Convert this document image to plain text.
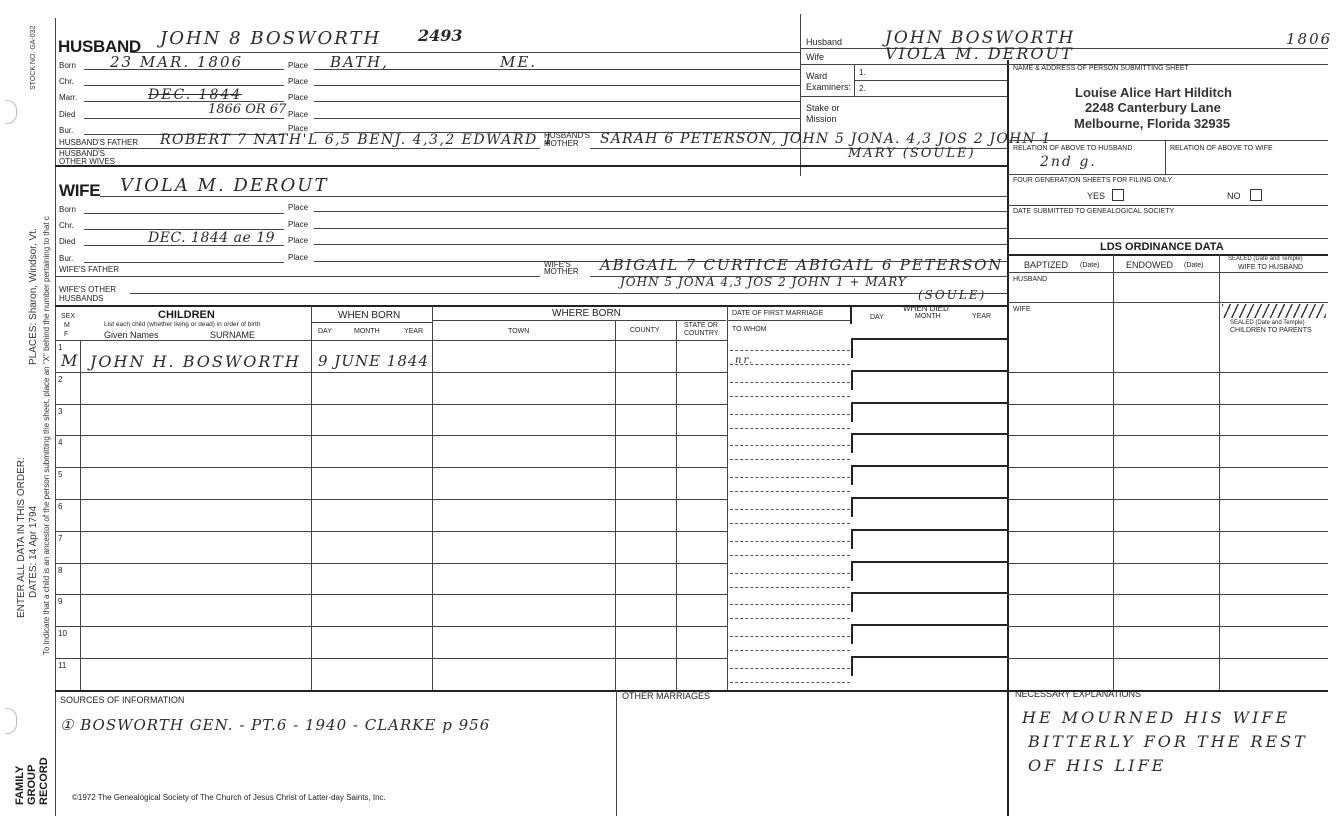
STOCK NO. GA-032
PLACES: Sharon, Windsor, Vt. To indicate that a child is an ancestor of the person submitting the sheet, place an "X" behind the number pertaining to that c
ENTER ALL DATA IN THIS ORDER: DATES: 14 Apr 1794
FAMILY GROUP RECORD
HUSBAND JOHN 8 BOSWORTH 2493
Born 23 MAR. 1806	Place BATH,	ME.
Chr.	Place
Marr.	DEC. 1844	Place
Died	1866 OR 67 Place
Bur.	Place
HUSBAND'S FATHER ROBERT 7 NATH'L 6,5 BENJ. 4,3,2 EDWARD 1
HUSBAND'S
MOTHER SARAH 6 PETERSON, JOHN 5 JONA. 4,3 JOS 2 JOHN 1
MARY (SOULE)
HUSBAND'S
OTHER WIVES
WIFE VIOLA M. DEROUT
Born	Place
Chr.	Place
Died	DEC. 1844 ae 19 Place
Bur.	Place
WIFE'S FATHER
WIFE'S
MOTHER ABIGAIL 7 CURTICE ABIGAIL 6 PETERSON
JOHN 5 JONA 4,3 JOS 2 JOHN 1 + MARY
(SOULE)
WIFE'S OTHER
HUSBANDS
Husband	JOHN BOSWORTH	1806
Wife	VIOLA M. DEROUT
Ward
Examiners:
1.
2.
Stake or
Mission
NAME & ADDRESS OF PERSON SUBMITTING SHEET
Louise Alice Hart Hilditch
2248 Canterbury Lane
Melbourne, Florida 32935
RELATION OF ABOVE TO HUSBAND
2nd g.
RELATION OF ABOVE TO WIFE
FOUR GENERATION SHEETS FOR FILING ONLY
YES	NO
DATE SUBMITTED TO GENEALOGICAL SOCIETY
LDS ORDINANCE DATA
BAPTIZED (Date)	ENDOWED (Date)
SEALED (Date and Temple)
WIFE TO HUSBAND
HUSBAND
WIFE
SEALED (Date and Temple)
CHILDREN TO PARENTS
SEX
M
F
CHILDREN
List each child (whether living or dead) in order of birth
Given Names	SURNAME
WHEN BORN
DAY	MONTH	YEAR
WHERE BORN
TOWN	COUNTY
STATE OR
COUNTRY
DATE OF FIRST MARRIAGE
TO WHOM
WHEN DIED
DAY	MONTH	YEAR
1
M JOHN H. BOSWORTH 9 JUNE 1844	nr.
2
3
4
5
6
7
8
9
10
11
SOURCES OF INFORMATION
① BOSWORTH GEN. - PT.6 - 1940 - CLARKE p 956
OTHER MARRIAGES	NECESSARY EXPLANATIONS
HE MOURNED HIS WIFE
BITTERLY FOR THE REST
OF HIS LIFE
©1972 The Genealogical Society of The Church of Jesus Christ of Latter-day Saints, Inc.
